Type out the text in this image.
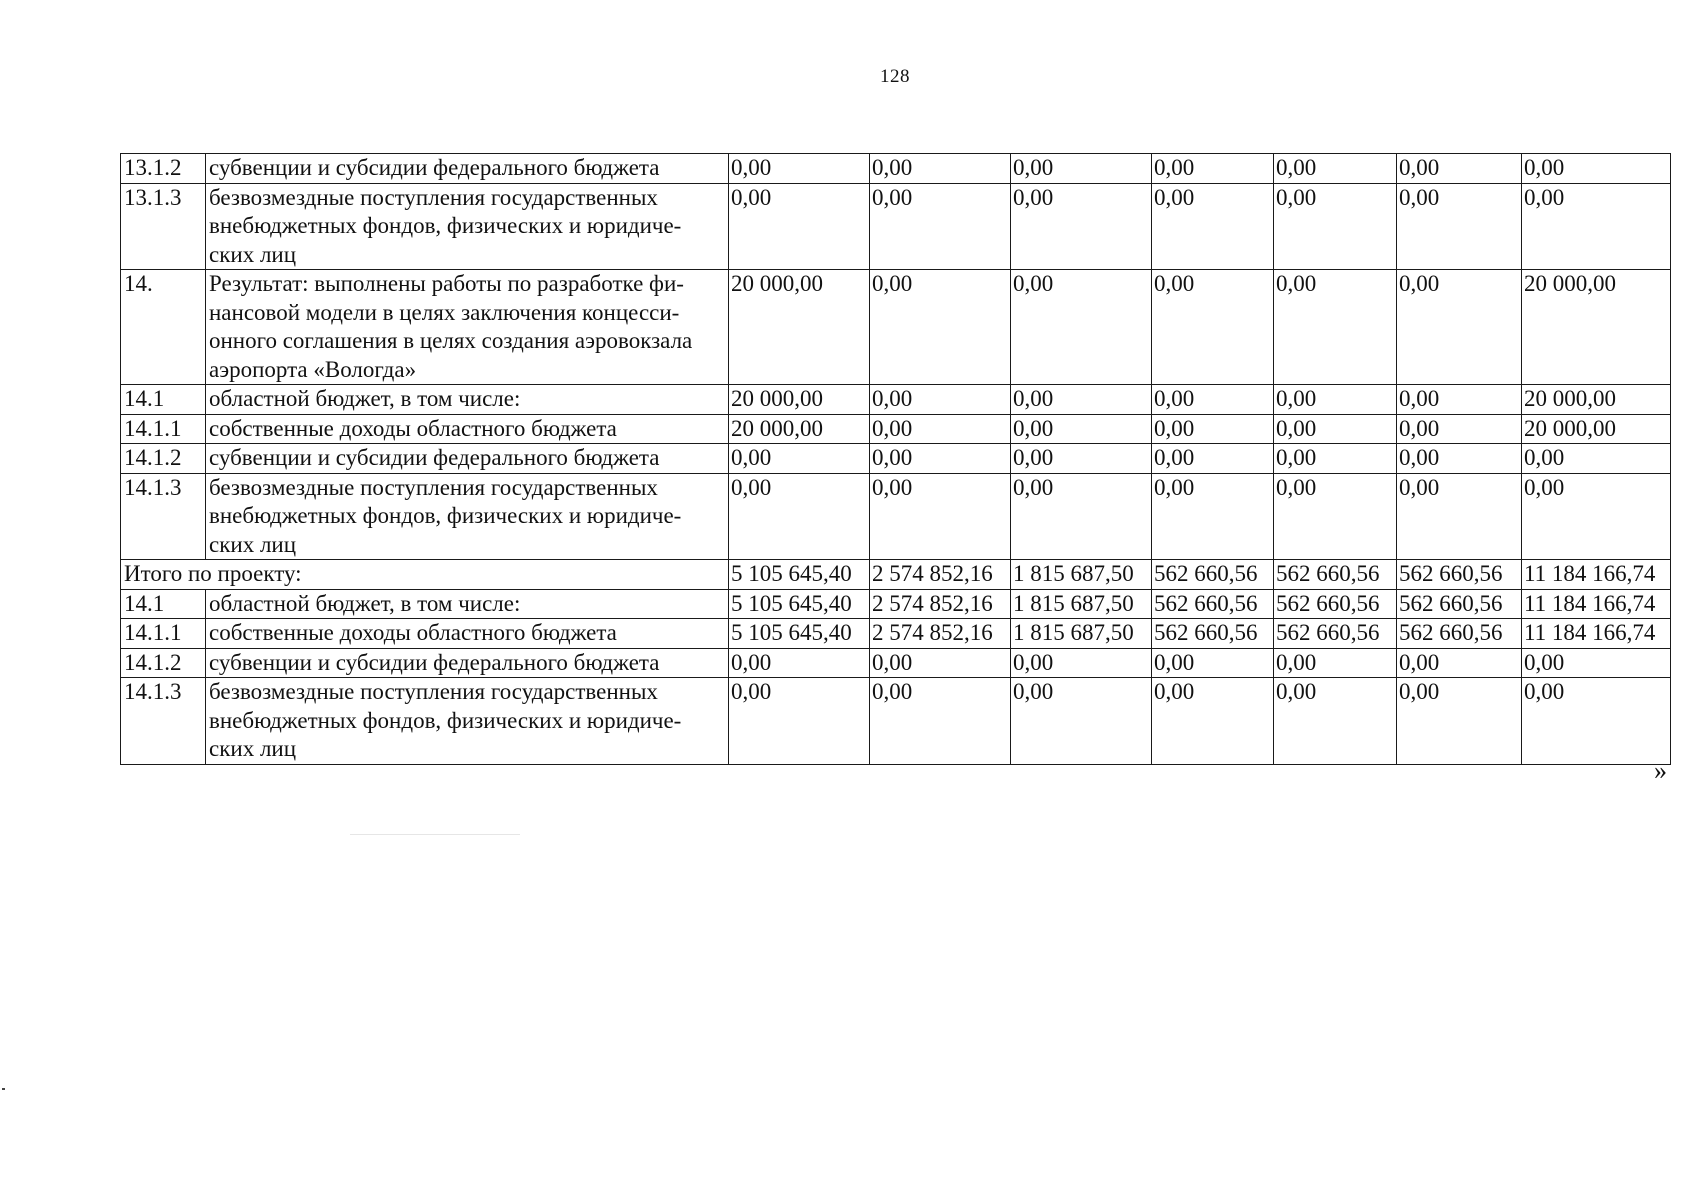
128
13.1.2	субвенции и субсидии федерального бюджета	0,00	0,00	0,00	0,00	0,00	0,00	0,00
13.1.3	безвозмездные поступления государственных внебюджетных фондов, физических и юридиче-ских лиц	0,00	0,00	0,00	0,00	0,00	0,00	0,00
14.	Результат: выполнены работы по разработке фи-нансовой модели в целях заключения концесси-онного соглашения в целях создания аэровокзала аэропорта «Вологда»	20 000,00	0,00	0,00	0,00	0,00	0,00	20 000,00
14.1	областной бюджет, в том числе:	20 000,00	0,00	0,00	0,00	0,00	0,00	20 000,00
14.1.1	собственные доходы областного бюджета	20 000,00	0,00	0,00	0,00	0,00	0,00	20 000,00
14.1.2	субвенции и субсидии федерального бюджета	0,00	0,00	0,00	0,00	0,00	0,00	0,00
14.1.3	безвозмездные поступления государственных внебюджетных фондов, физических и юридиче-ских лиц	0,00	0,00	0,00	0,00	0,00	0,00	0,00
Итого по проекту:		5 105 645,40	2 574 852,16	1 815 687,50	562 660,56	562 660,56	562 660,56	11 184 166,74
14.1	областной бюджет, в том числе:	5 105 645,40	2 574 852,16	1 815 687,50	562 660,56	562 660,56	562 660,56	11 184 166,74
14.1.1	собственные доходы областного бюджета	5 105 645,40	2 574 852,16	1 815 687,50	562 660,56	562 660,56	562 660,56	11 184 166,74
14.1.2	субвенции и субсидии федерального бюджета	0,00	0,00	0,00	0,00	0,00	0,00	0,00
14.1.3	безвозмездные поступления государственных внебюджетных фондов, физических и юридиче-ских лиц	0,00	0,00	0,00	0,00	0,00	0,00	0,00
»
